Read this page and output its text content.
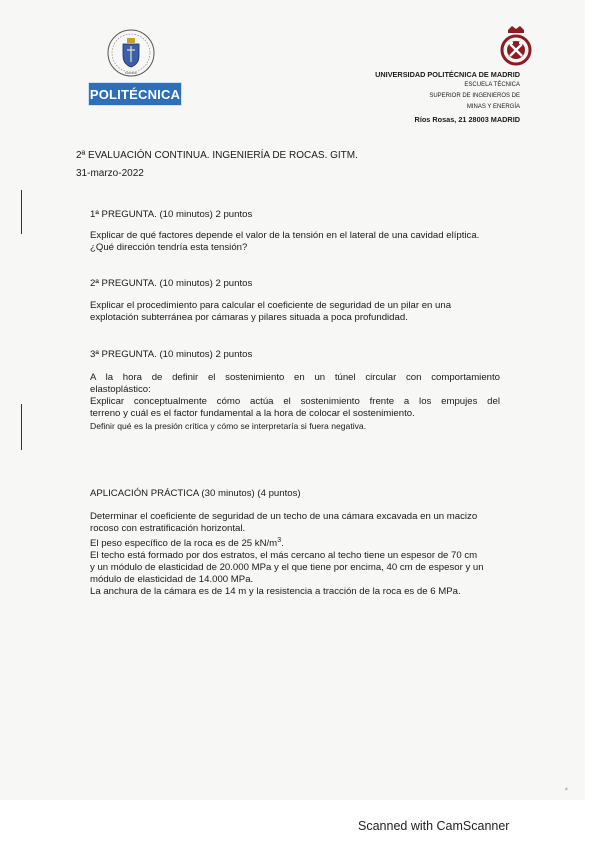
MADRID
POLITÉCNICA
UNIVERSIDAD POLITÉCNICA DE MADRID
ESCUELA TÉCNICA
SUPERIOR DE INGENIEROS DE
MINAS Y ENERGÍA
Ríos Rosas, 21 28003 MADRID
2ª EVALUACIÓN CONTINUA. INGENIERÍA DE ROCAS. GITM.
31-marzo-2022
1ª PREGUNTA. (10 minutos) 2 puntos

Explicar de qué factores depende el valor de la tensión en el lateral de una cavidad elíptica.

¿Qué dirección tendría esta tensión?

2ª PREGUNTA. (10 minutos) 2 puntos

Explicar el procedimiento para calcular el coeficiente de seguridad de un pilar en una

explotación subterránea por cámaras y pilares situada a poca profundidad.

3ª PREGUNTA. (10 minutos) 2 puntos

A la hora de definir el sostenimiento en un túnel circular con comportamiento

elastoplástico:

Explicar conceptualmente cómo actúa el sostenimiento frente a los empujes del

terreno y cuál es el factor fundamental a la hora de colocar el sostenimiento.

Definir qué es la presión crítica y cómo se interpretaría si fuera negativa.

APLICACIÓN PRÁCTICA (30 minutos) (4 puntos)

Determinar el coeficiente de seguridad de un techo de una cámara excavada en un macizo

rocoso con estratificación horizontal.

El peso específico de la roca es de 25 $kN/m^3$.

El techo está formado por dos estratos, el más cercano al techo tiene un espesor de 70 cm

y un módulo de elasticidad de 20.000 MPa y el que tiene por encima, 40 cm de espesor y un

módulo de elasticidad de 14.000 MPa.

La anchura de la cámara es de 14 m y la resistencia a tracción de la roca es de 6 MPa.

⸗
Scanned with CamScanner
